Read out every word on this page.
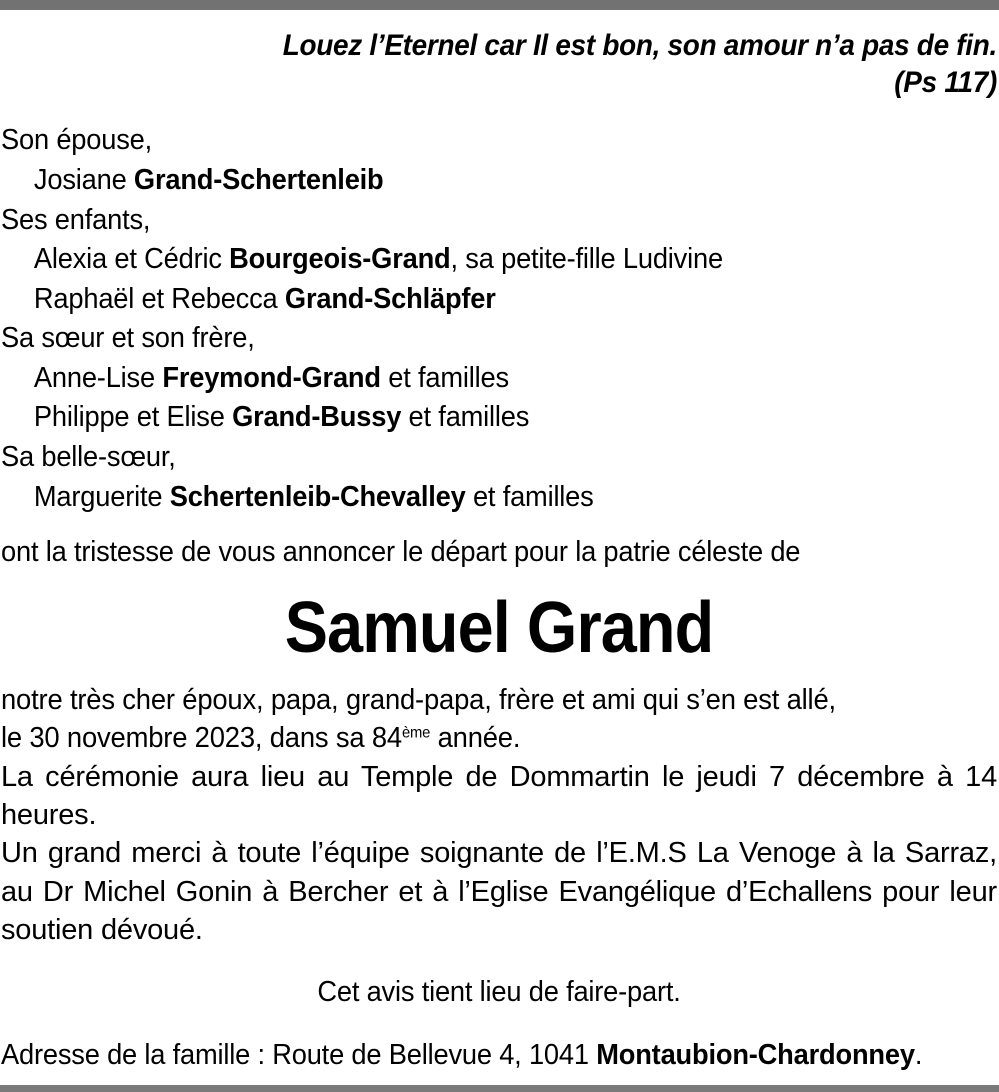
Louez l’Eternel car Il est bon, son amour n’a pas de fin.
(Ps 117)
Son épouse,
Josiane Grand-Schertenleib
Ses enfants,
Alexia et Cédric Bourgeois-Grand, sa petite-fille Ludivine
Raphaël et Rebecca Grand-Schläpfer
Sa sœur et son frère,
Anne-Lise Freymond-Grand et familles
Philippe et Elise Grand-Bussy et familles
Sa belle-sœur,
Marguerite Schertenleib-Chevalley et familles
ont la tristesse de vous annoncer le départ pour la patrie céleste de
Samuel Grand
notre très cher époux, papa, grand-papa, frère et ami qui s’en est allé,
le 30 novembre 2023, dans sa 84ème année.
La cérémonie aura lieu au Temple de Dommartin le jeudi 7 décembre à 14 heures.
Un grand merci à toute l’équipe soignante de l’E.M.S La Venoge à la Sarraz, au Dr Michel Gonin à Bercher et à l’Eglise Evangélique d’Echallens pour leur soutien dévoué.
Cet avis tient lieu de faire-part.
Adresse de la famille : Route de Bellevue 4, 1041 Montaubion-Chardonney.
